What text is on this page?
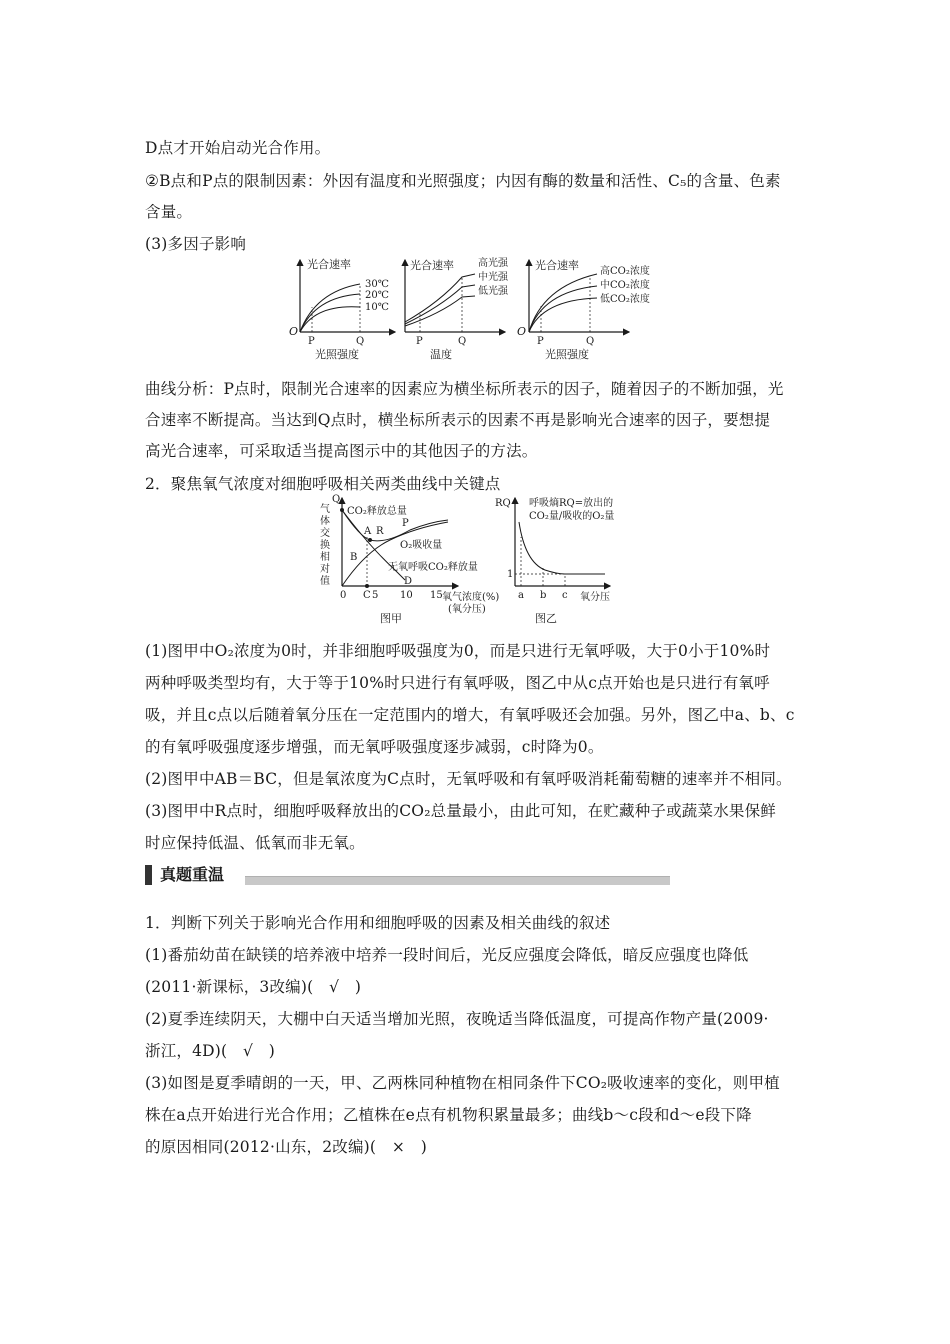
D点才开始启动光合作用。
②B点和P点的限制因素：外因有温度和光照强度；内因有酶的数量和活性、C₅的含量、色素
含量。
(3)多因子影响
光合速率
30℃
20℃
10℃
O
P	Q
光照强度
光合速率 高光强
中光强
低光强
P	Q
温度
光合速率 高CO₂浓度
中CO₂浓度
低CO₂浓度
O
P	Q
光照强度
曲线分析：P点时，限制光合速率的因素应为横坐标所表示的因子，随着因子的不断加强，光
合速率不断提高。当达到Q点时，横坐标所表示的因素不再是影响光合速率的因子，要想提
高光合速率，可采取适当提高图示中的其他因子的方法。
2．聚焦氧气浓度对细胞呼吸相关两类曲线中关键点
气 体 交 换 相 对 值
Q
CO₂释放总量
A R
P
O₂吸收量
B
无氧呼吸CO₂释放量
D
0 C 5 10 15 氧气浓度(%)
(氧分压)
图甲
RQ 呼吸熵RQ=放出的
CO₂量/吸收的O₂量
1
a b c 氧分压
图乙
(1)图甲中O₂浓度为0时，并非细胞呼吸强度为0，而是只进行无氧呼吸，大于0小于10%时
两种呼吸类型均有，大于等于10%时只进行有氧呼吸，图乙中从c点开始也是只进行有氧呼
吸，并且c点以后随着氧分压在一定范围内的增大，有氧呼吸还会加强。另外，图乙中a、b、c
的有氧呼吸强度逐步增强，而无氧呼吸强度逐步减弱，c时降为0。
(2)图甲中AB＝BC，但是氧浓度为C点时，无氧呼吸和有氧呼吸消耗葡萄糖的速率并不相同。
(3)图甲中R点时，细胞呼吸释放出的CO₂总量最小，由此可知，在贮藏种子或蔬菜水果保鲜
时应保持低温、低氧而非无氧。
真题重温
1．判断下列关于影响光合作用和细胞呼吸的因素及相关曲线的叙述
(1)番茄幼苗在缺镁的培养液中培养一段时间后，光反应强度会降低，暗反应强度也降低
(2011·新课标，3改编)(　√　)
(2)夏季连续阴天，大棚中白天适当增加光照，夜晚适当降低温度，可提高作物产量(2009·
浙江，4D)(　√　)
(3)如图是夏季晴朗的一天，甲、乙两株同种植物在相同条件下CO₂吸收速率的变化，则甲植
株在a点开始进行光合作用；乙植株在e点有机物积累量最多；曲线b～c段和d～e段下降
的原因相同(2012·山东，2改编)(　×　)
